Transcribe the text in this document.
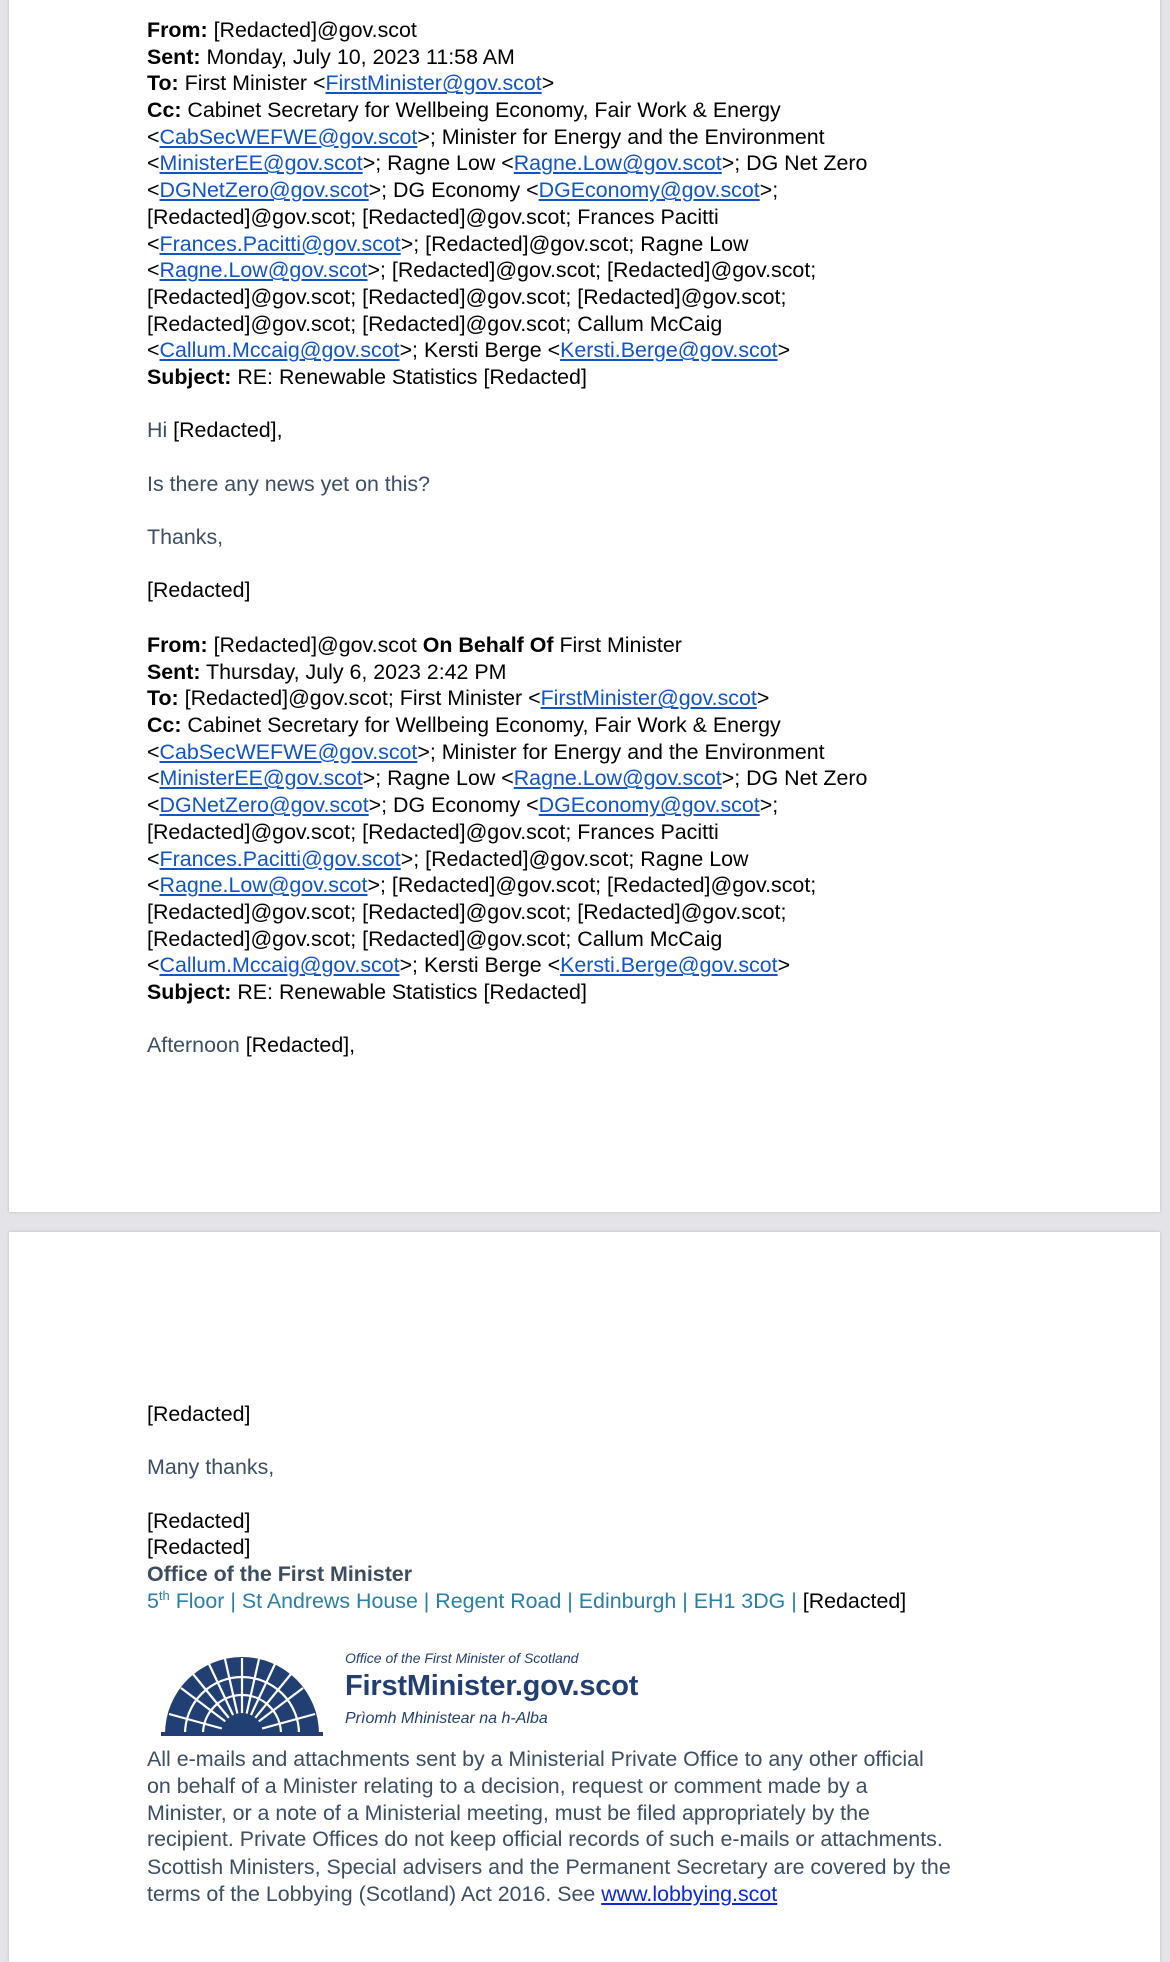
From: [Redacted]@gov.scot
Sent: Monday, July 10, 2023 11:58 AM
To: First Minister <FirstMinister@gov.scot>
Cc: Cabinet Secretary for Wellbeing Economy, Fair Work & Energy
<CabSecWEFWE@gov.scot>; Minister for Energy and the Environment
<MinisterEE@gov.scot>; Ragne Low <Ragne.Low@gov.scot>; DG Net Zero
<DGNetZero@gov.scot>; DG Economy <DGEconomy@gov.scot>;
[Redacted]@gov.scot; [Redacted]@gov.scot; Frances Pacitti
<Frances.Pacitti@gov.scot>; [Redacted]@gov.scot; Ragne Low
<Ragne.Low@gov.scot>; [Redacted]@gov.scot; [Redacted]@gov.scot;
[Redacted]@gov.scot; [Redacted]@gov.scot; [Redacted]@gov.scot;
[Redacted]@gov.scot; [Redacted]@gov.scot; Callum McCaig
<Callum.Mccaig@gov.scot>; Kersti Berge <Kersti.Berge@gov.scot>
Subject: RE: Renewable Statistics [Redacted]
Hi [Redacted],
Is there any news yet on this?
Thanks,
[Redacted]
From: [Redacted]@gov.scot On Behalf Of First Minister
Sent: Thursday, July 6, 2023 2:42 PM
To: [Redacted]@gov.scot; First Minister <FirstMinister@gov.scot>
Cc: Cabinet Secretary for Wellbeing Economy, Fair Work & Energy
<CabSecWEFWE@gov.scot>; Minister for Energy and the Environment
<MinisterEE@gov.scot>; Ragne Low <Ragne.Low@gov.scot>; DG Net Zero
<DGNetZero@gov.scot>; DG Economy <DGEconomy@gov.scot>;
[Redacted]@gov.scot; [Redacted]@gov.scot; Frances Pacitti
<Frances.Pacitti@gov.scot>; [Redacted]@gov.scot; Ragne Low
<Ragne.Low@gov.scot>; [Redacted]@gov.scot; [Redacted]@gov.scot;
[Redacted]@gov.scot; [Redacted]@gov.scot; [Redacted]@gov.scot;
[Redacted]@gov.scot; [Redacted]@gov.scot; Callum McCaig
<Callum.Mccaig@gov.scot>; Kersti Berge <Kersti.Berge@gov.scot>
Subject: RE: Renewable Statistics [Redacted]
Afternoon [Redacted],
[Redacted]
Many thanks,
[Redacted]
[Redacted]
Office of the First Minister
5th Floor | St Andrews House | Regent Road | Edinburgh | EH1 3DG | [Redacted]
Office of the First Minister of Scotland
FirstMinister.gov.scot
Prìomh Mhinistear na h-Alba
All e-mails and attachments sent by a Ministerial Private Office to any other official
on behalf of a Minister relating to a decision, request or comment made by a
Minister, or a note of a Ministerial meeting, must be filed appropriately by the
recipient. Private Offices do not keep official records of such e-mails or attachments.
Scottish Ministers, Special advisers and the Permanent Secretary are covered by the
terms of the Lobbying (Scotland) Act 2016. See www.lobbying.scot
